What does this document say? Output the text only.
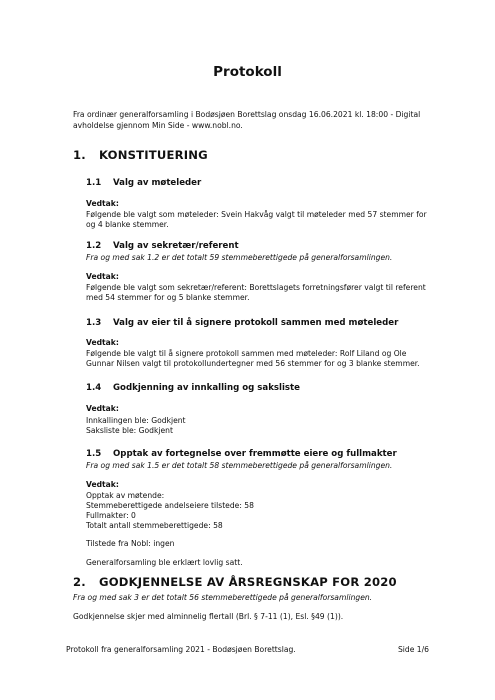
Protokoll
Fra ordinær generalforsamling i Bodøsjøen Borettslag onsdag 16.06.2021 kl. 18:00 - Digital avholdelse gjennom Min Side - www.nobl.no.
1. KONSTITUERING
1.1 Valg av møteleder
Vedtak:
Følgende ble valgt som møteleder: Svein Hakvåg valgt til møteleder med 57 stemmer for og 4 blanke stemmer.
1.2 Valg av sekretær/referent
Fra og med sak 1.2 er det totalt 59 stemmeberettigede på generalforsamlingen.
Vedtak:
Følgende ble valgt som sekretær/referent: Borettslagets forretningsfører valgt til referent med 54 stemmer for og 5 blanke stemmer.
1.3 Valg av eier til å signere protokoll sammen med møteleder
Vedtak:
Følgende ble valgt til å signere protokoll sammen med møteleder: Rolf Liland og Ole Gunnar Nilsen valgt til protokollundertegner med 56 stemmer for og 3 blanke stemmer.
1.4 Godkjenning av innkalling og saksliste
Vedtak:
Innkallingen ble: Godkjent
Saksliste ble: Godkjent
1.5 Opptak av fortegnelse over fremmøtte eiere og fullmakter
Fra og med sak 1.5 er det totalt 58 stemmeberettigede på generalforsamlingen.
Vedtak:
Opptak av møtende:
Stemmeberettigede andelseiere tilstede: 58
Fullmakter: 0
Totalt antall stemmeberettigede: 58
Tilstede fra Nobl: ingen
Generalforsamling ble erklært lovlig satt.
2. GODKJENNELSE AV ÅRSREGNSKAP FOR 2020
Fra og med sak 3 er det totalt 56 stemmeberettigede på generalforsamlingen.
Godkjennelse skjer med alminnelig flertall (Brl. § 7-11 (1), Esl. §49 (1)).
Protokoll fra generalforsamling 2021 - Bodøsjøen Borettslag.	Side 1/6
